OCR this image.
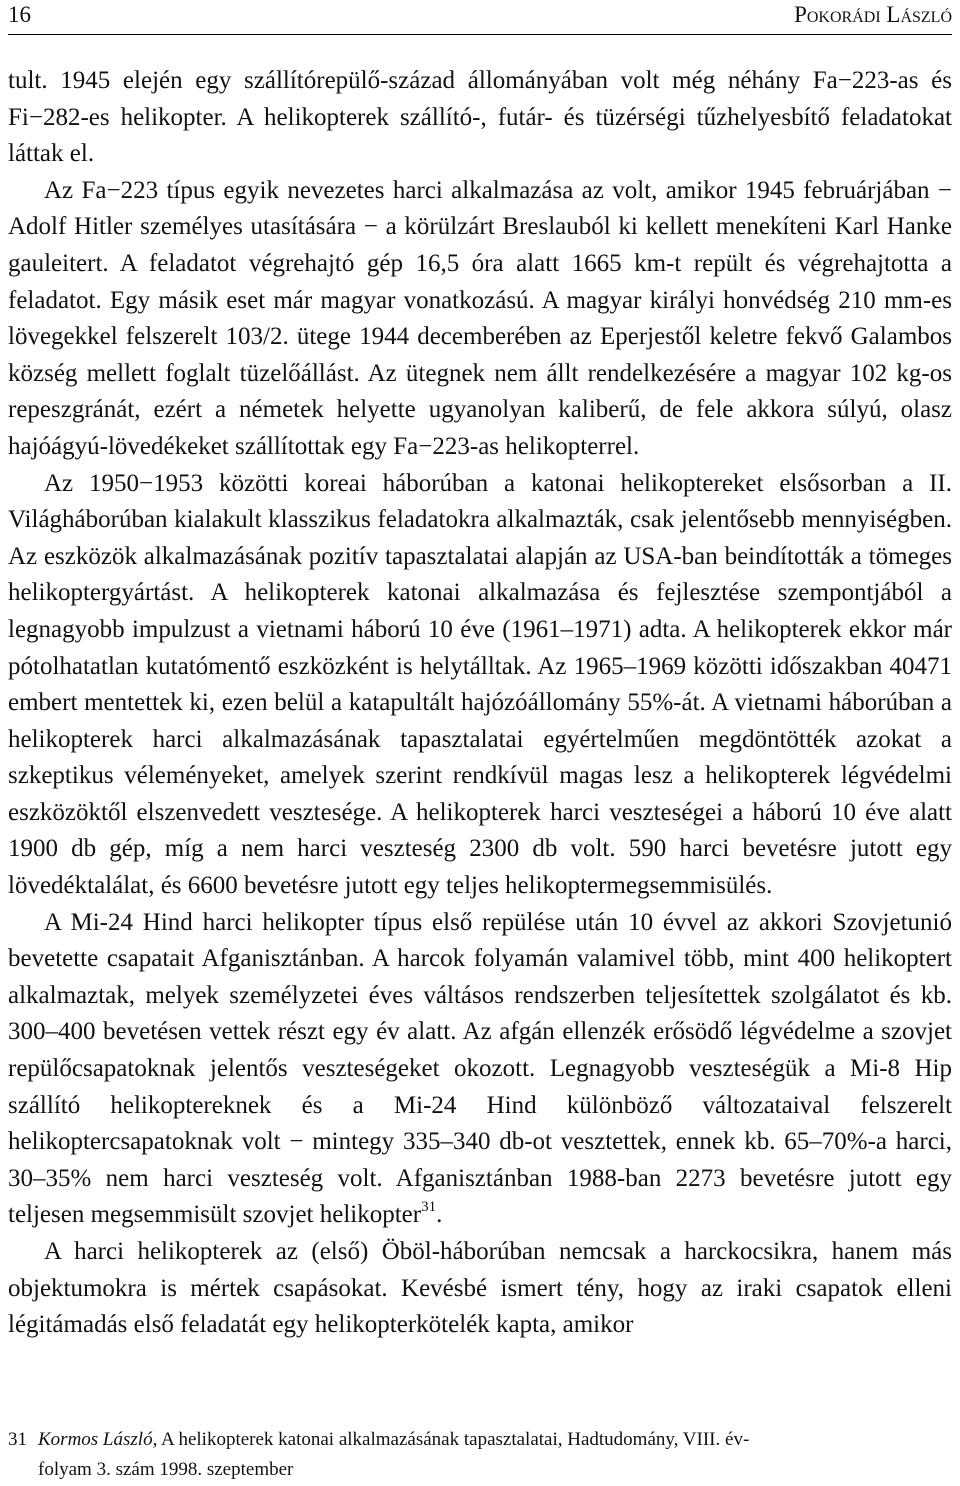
16	Pokorádi László

tult. 1945 elején egy szállítórepülő-század állományában volt még néhány Fa−223-as és Fi−282-es helikopter. A helikopterek szállító-, futár- és tüzérségi tűzhelyesbítő feladatokat láttak el.

Az Fa−223 típus egyik nevezetes harci alkalmazása az volt, amikor 1945 februárjában − Adolf Hitler személyes utasítására − a körülzárt Breslauból ki kellett menekíteni Karl Hanke gauleitert. A feladatot végrehajtó gép 16,5 óra alatt 1665 km-t repült és végrehajtotta a feladatot. Egy másik eset már magyar vonatkozású. A magyar királyi honvédség 210 mm-es lövegekkel felszerelt 103/2. ütege 1944 decemberében az Eperjestől keletre fekvő Galambos község mellett foglalt tüzelőállást. Az ütegnek nem állt rendelkezésére a magyar 102 kg-os repeszgránát, ezért a németek helyette ugyanolyan kaliberű, de fele akkora súlyú, olasz hajóágyú-lövedékeket szállítottak egy Fa−223-as helikopterrel.

Az 1950−1953 közötti koreai háborúban a katonai helikoptereket elsősorban a II. Világháborúban kialakult klasszikus feladatokra alkalmazták, csak jelentősebb mennyiségben. Az eszközök alkalmazásának pozitív tapasztalatai alapján az USA-ban beindították a tömeges helikoptergyártást. A helikopterek katonai alkalmazása és fejlesztése szempontjából a legnagyobb impulzust a vietnami háború 10 éve (1961–1971) adta. A helikopterek ekkor már pótolhatatlan kutatómentő eszközként is helytálltak. Az 1965–1969 közötti időszakban 40471 embert mentettek ki, ezen belül a katapultált hajózóállomány 55%-át. A vietnami háborúban a helikopterek harci alkalmazásának tapasztalatai egyértelműen megdöntötték azokat a szkeptikus véleményeket, amelyek szerint rendkívül magas lesz a helikopterek légvédelmi eszközöktől elszenvedett vesztesége. A helikopterek harci veszteségei a háború 10 éve alatt 1900 db gép, míg a nem harci veszteség 2300 db volt. 590 harci bevetésre jutott egy lövedéktalálat, és 6600 bevetésre jutott egy teljes helikoptermegsemmisülés.

A Mi-24 Hind harci helikopter típus első repülése után 10 évvel az akkori Szovjetunió bevetette csapatait Afganisztánban. A harcok folyamán valamivel több, mint 400 helikoptert alkalmaztak, melyek személyzetei éves váltásos rendszerben teljesítettek szolgálatot és kb. 300–400 bevetésen vettek részt egy év alatt. Az afgán ellenzék erősödő légvédelme a szovjet repülőcsapatoknak jelentős veszteségeket okozott. Legnagyobb veszteségük a Mi-8 Hip szállító helikoptereknek és a Mi-24 Hind különböző változataival felszerelt helikoptercsapatoknak volt − mintegy 335–340 db-ot vesztettek, ennek kb. 65–70%-a harci, 30–35% nem harci veszteség volt. Afganisztánban 1988-ban 2273 bevetésre jutott egy teljesen megsemmisült szovjet helikopter$^{31}$.

A harci helikopterek az (első) Öböl-háborúban nemcsak a harckocsikra, hanem más objektumokra is mértek csapásokat. Kevésbé ismert tény, hogy az iraki csapatok elleni légitámadás első feladatát egy helikopterkötelék kapta, amikor

31 Kormos László, A helikopterek katonai alkalmazásának tapasztalatai, Hadtudomány, VIII. év-
folyam 3. szám 1998. szeptember
